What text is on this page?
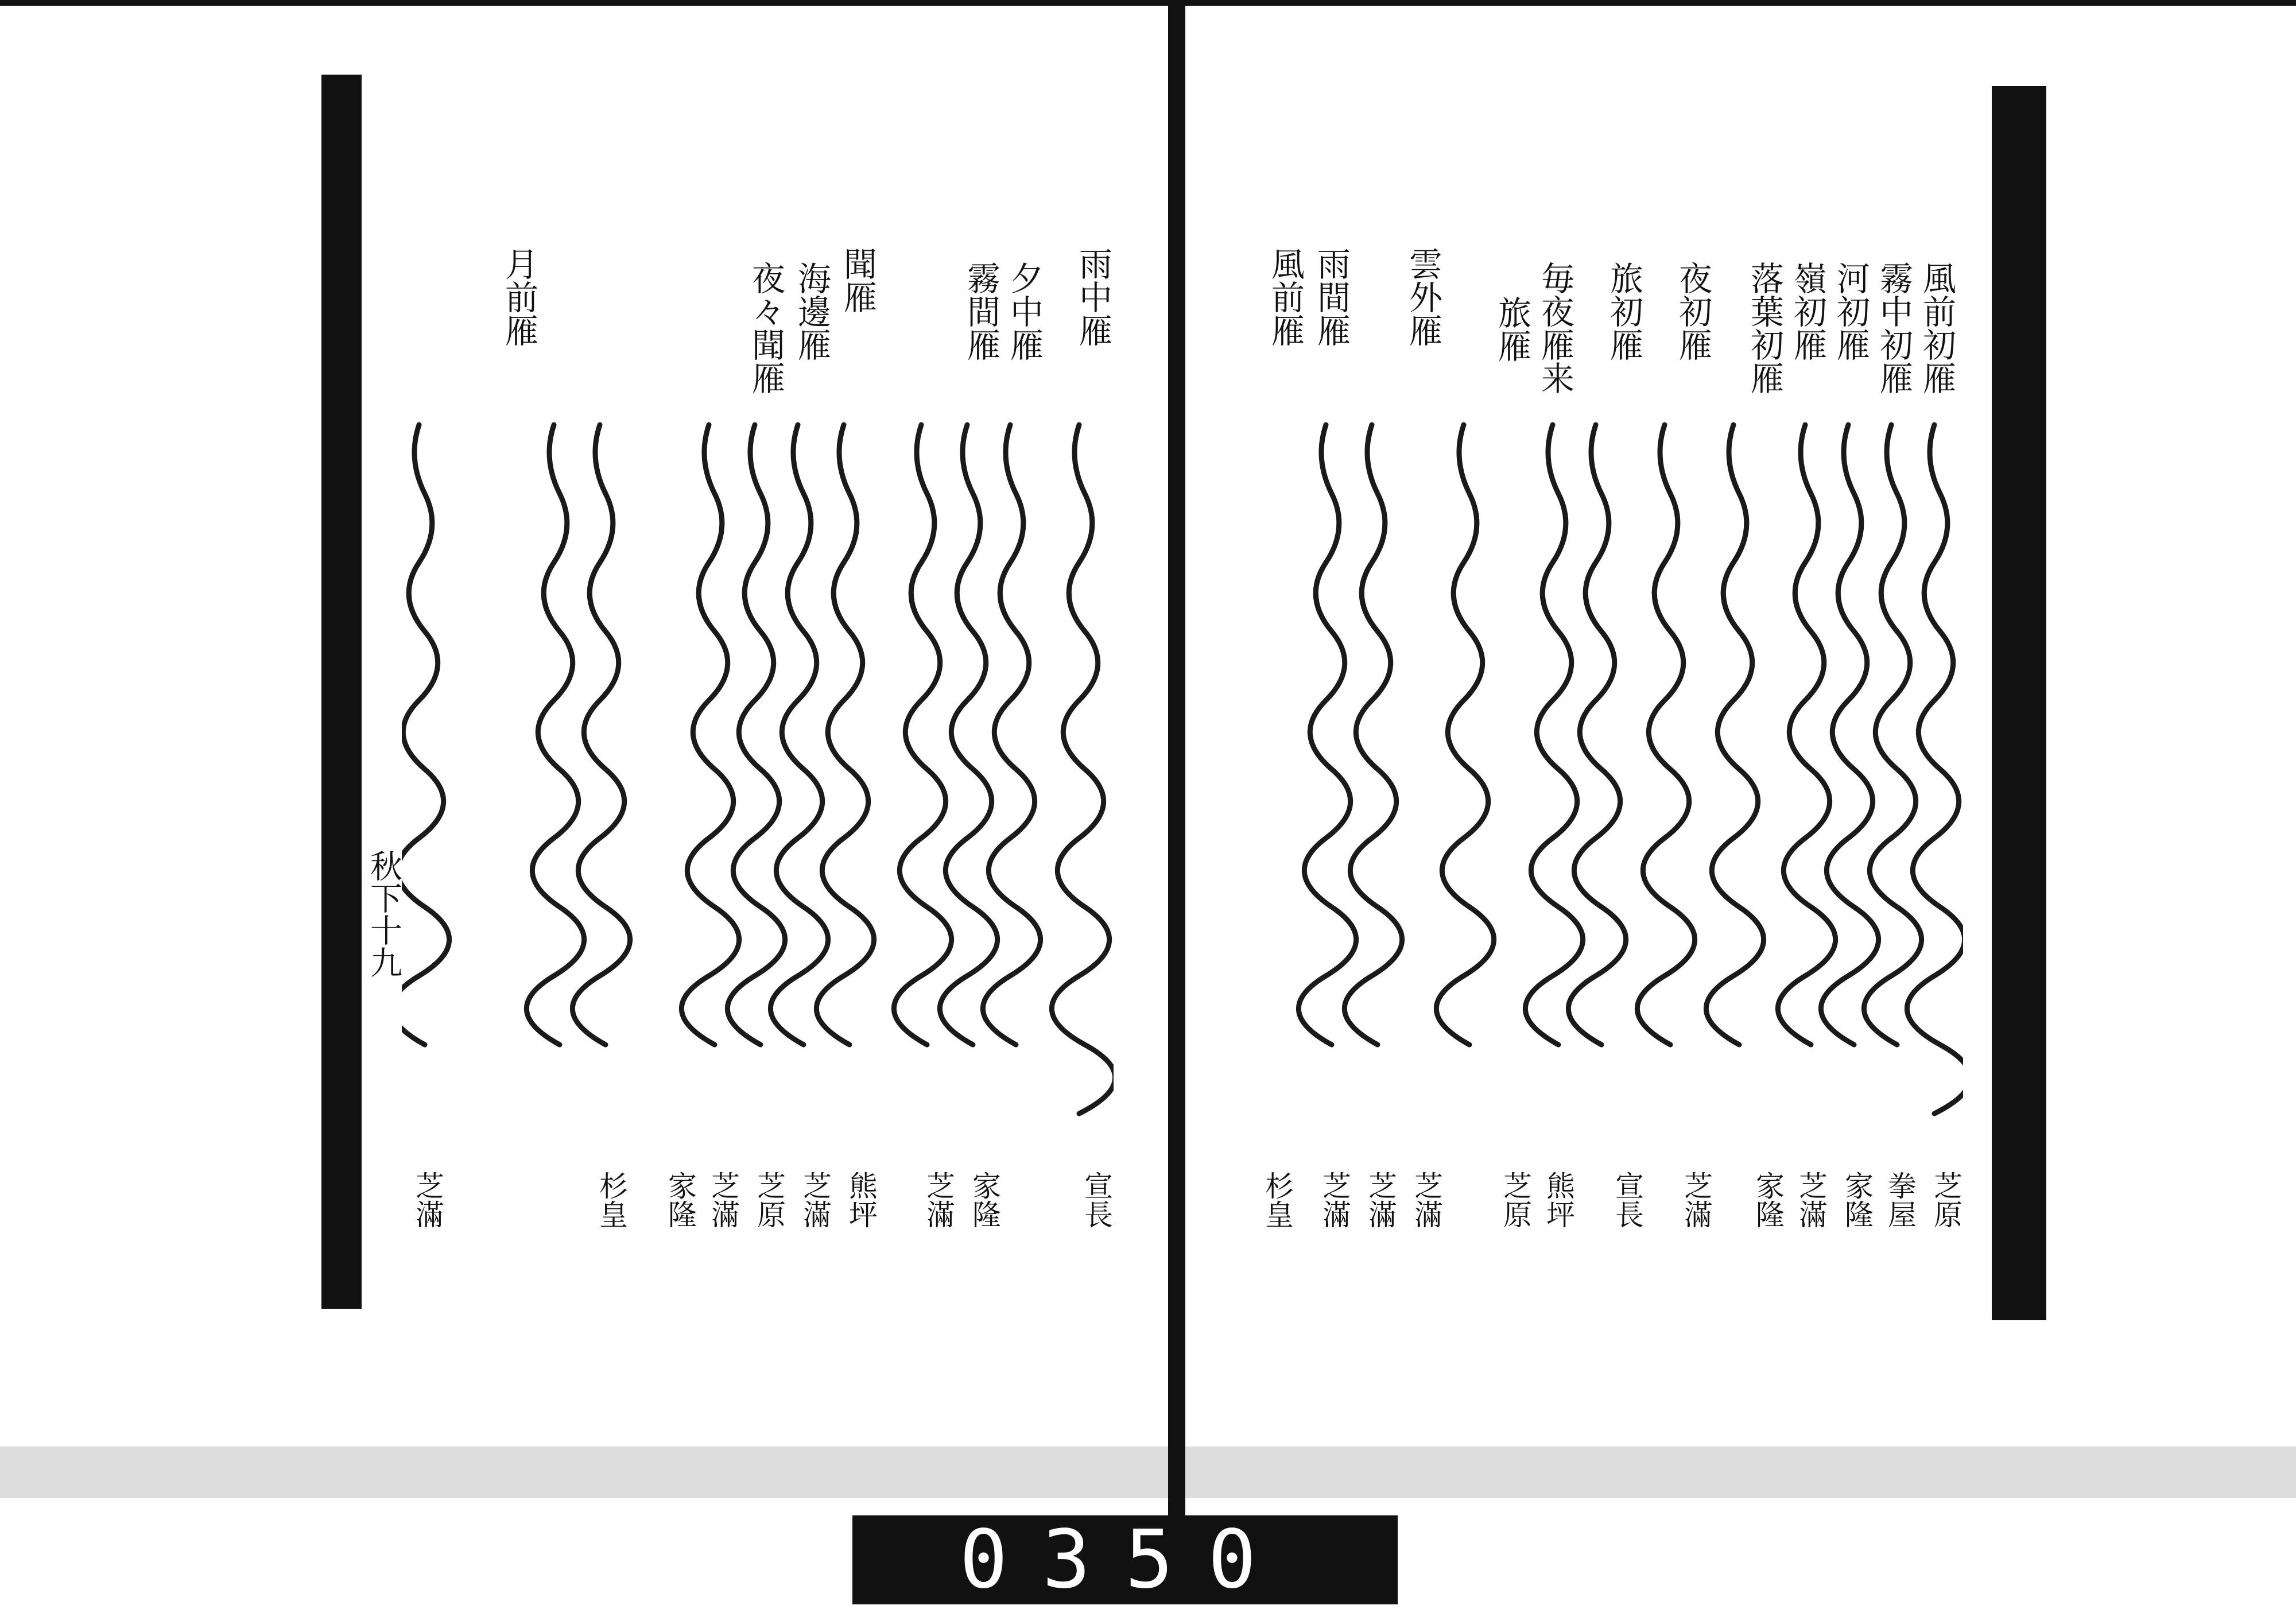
風前初雁
霧中初雁
河初雁
嶺初雁
落葉初雁
夜初雁
旅初雁
毎夜雁来
旅雁
雲外雁
雨間雁
風前雁
芝原
拳屋
家隆
芝滿
家隆
芝滿
宣長
熊坪
芝原
芝滿
芝滿
芝滿
杉皇
雨中雁
夕中雁
霧間雁
聞雁
海邊雁
夜々聞雁
月前雁
宣長
家隆
芝滿
熊坪
芝滿
芝原
芝滿
家隆
杉皇
芝滿
秋下十九
0350
